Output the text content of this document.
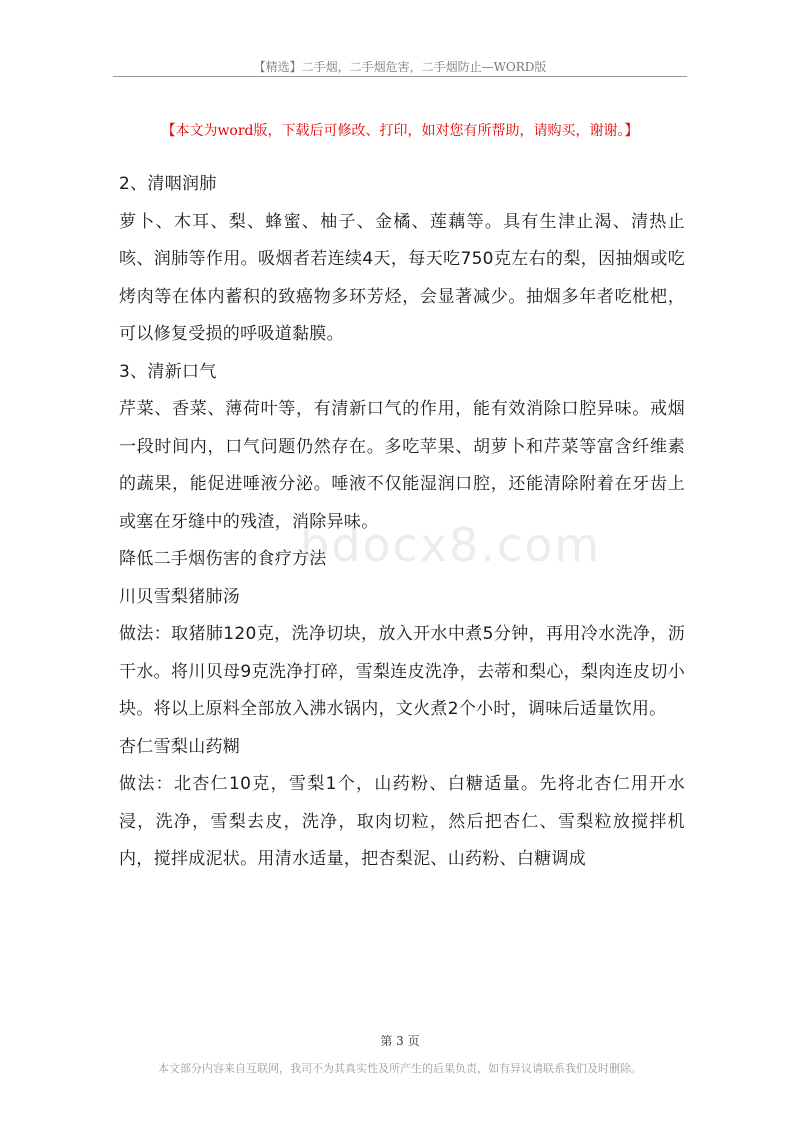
【精选】二手烟，二手烟危害，二手烟防止—WORD版
【本文为word版，下载后可修改、打印，如对您有所帮助，请购买，谢谢。】

2、清咽润肺

萝卜、木耳、梨、蜂蜜、柚子、金橘、莲藕等。具有生津止渴、清热止咳、润肺等作用。吸烟者若连续4天，每天吃750克左右的梨，因抽烟或吃烤肉等在体内蓄积的致癌物多环芳烃，会显著减少。抽烟多年者吃枇杷，可以修复受损的呼吸道黏膜。

3、清新口气

芹菜、香菜、薄荷叶等，有清新口气的作用，能有效消除口腔异味。戒烟一段时间内，口气问题仍然存在。多吃苹果、胡萝卜和芹菜等富含纤维素的蔬果，能促进唾液分泌。唾液不仅能湿润口腔，还能清除附着在牙齿上或塞在牙缝中的残渣，消除异味。

降低二手烟伤害的食疗方法

川贝雪梨猪肺汤

做法：取猪肺120克，洗净切块，放入开水中煮5分钟，再用冷水洗净，沥干水。将川贝母9克洗净打碎，雪梨连皮洗净，去蒂和梨心，梨肉连皮切小块。将以上原料全部放入沸水锅内，文火煮2个小时，调味后适量饮用。

杏仁雪梨山药糊

做法：北杏仁10克，雪梨1个，山药粉、白糖适量。先将北杏仁用开水浸，洗净，雪梨去皮，洗净，取肉切粒，然后把杏仁、雪梨粒放搅拌机内，搅拌成泥状。用清水适量，把杏梨泥、山药粉、白糖调成

bdocx8.com
第 3 页
本文部分内容来自互联网，我司不为其真实性及所产生的后果负责，如有异议请联系我们及时删除。
